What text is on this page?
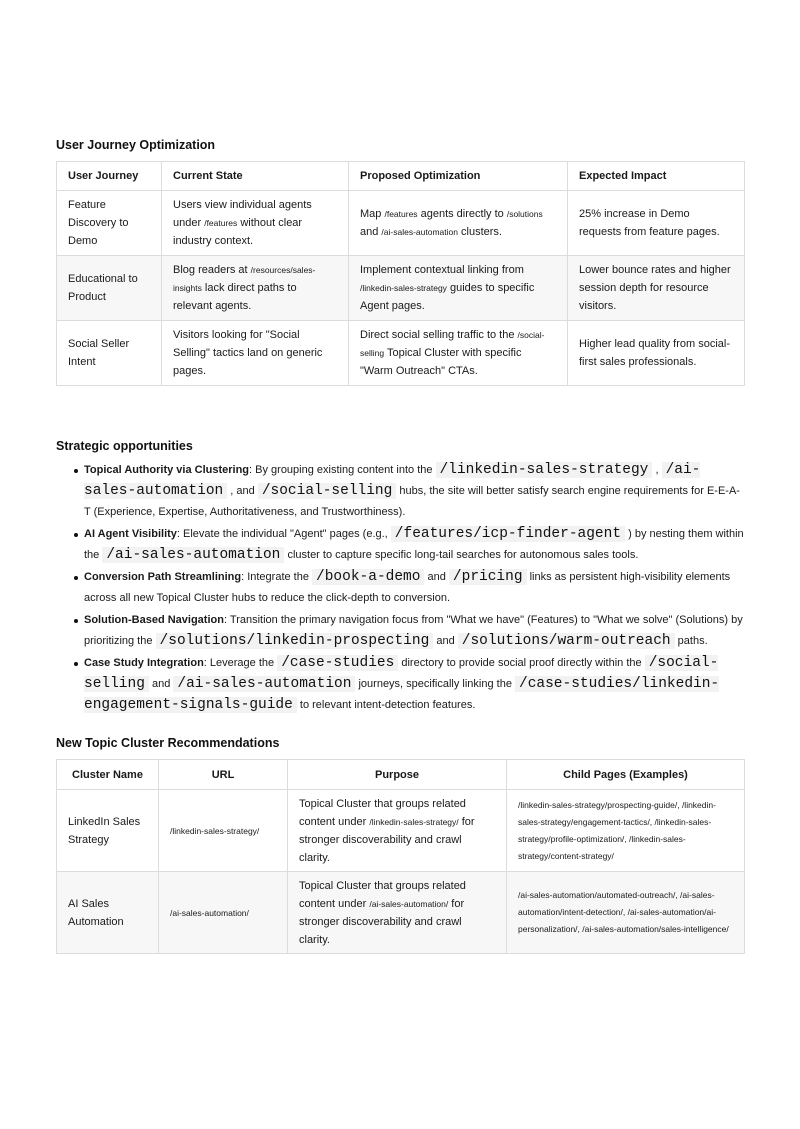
User Journey Optimization
User Journey	Current State	Proposed Optimization	Expected Impact
Feature Discovery to Demo	Users view individual agents under /features without clear industry context.	Map /features agents directly to /solutions and /ai-sales-automation clusters.	25% increase in Demo requests from feature pages.
Educational to Product	Blog readers at /resources/sales-insights lack direct paths to relevant agents.	Implement contextual linking from /linkedin-sales-strategy guides to specific Agent pages.	Lower bounce rates and higher session depth for resource visitors.
Social Seller Intent	Visitors looking for "Social Selling" tactics land on generic pages.	Direct social selling traffic to the /social-selling Topical Cluster with specific "Warm Outreach" CTAs.	Higher lead quality from social-first sales professionals.
Strategic opportunities
Topical Authority via Clustering: By grouping existing content into the /linkedin-sales-strategy , /ai-sales-automation , and /social-selling hubs, the site will better satisfy search engine requirements for E-E-A-T (Experience, Expertise, Authoritativeness, and Trustworthiness).
AI Agent Visibility: Elevate the individual "Agent" pages (e.g., /features/icp-finder-agent ) by nesting them within the /ai-sales-automation cluster to capture specific long-tail searches for autonomous sales tools.
Conversion Path Streamlining: Integrate the /book-a-demo and /pricing links as persistent high-visibility elements across all new Topical Cluster hubs to reduce the click-depth to conversion.
Solution-Based Navigation: Transition the primary navigation focus from "What we have" (Features) to "What we solve" (Solutions) by prioritizing the /solutions/linkedin-prospecting and /solutions/warm-outreach paths.
Case Study Integration: Leverage the /case-studies directory to provide social proof directly within the /social-selling and /ai-sales-automation journeys, specifically linking the /case-studies/linkedin-engagement-signals-guide to relevant intent-detection features.
New Topic Cluster Recommendations
Cluster Name	URL	Purpose	Child Pages (Examples)
LinkedIn Sales Strategy	/linkedin-sales-strategy/	Topical Cluster that groups related content under /linkedin-sales-strategy/ for stronger discoverability and crawl clarity.	/linkedin-sales-strategy/prospecting-guide/, /linkedin-sales-strategy/engagement-tactics/, /linkedin-sales-strategy/profile-optimization/, /linkedin-sales-strategy/content-strategy/
AI Sales Automation	/ai-sales-automation/	Topical Cluster that groups related content under /ai-sales-automation/ for stronger discoverability and crawl clarity.	/ai-sales-automation/automated-outreach/, /ai-sales-automation/intent-detection/, /ai-sales-automation/ai-personalization/, /ai-sales-automation/sales-intelligence/
